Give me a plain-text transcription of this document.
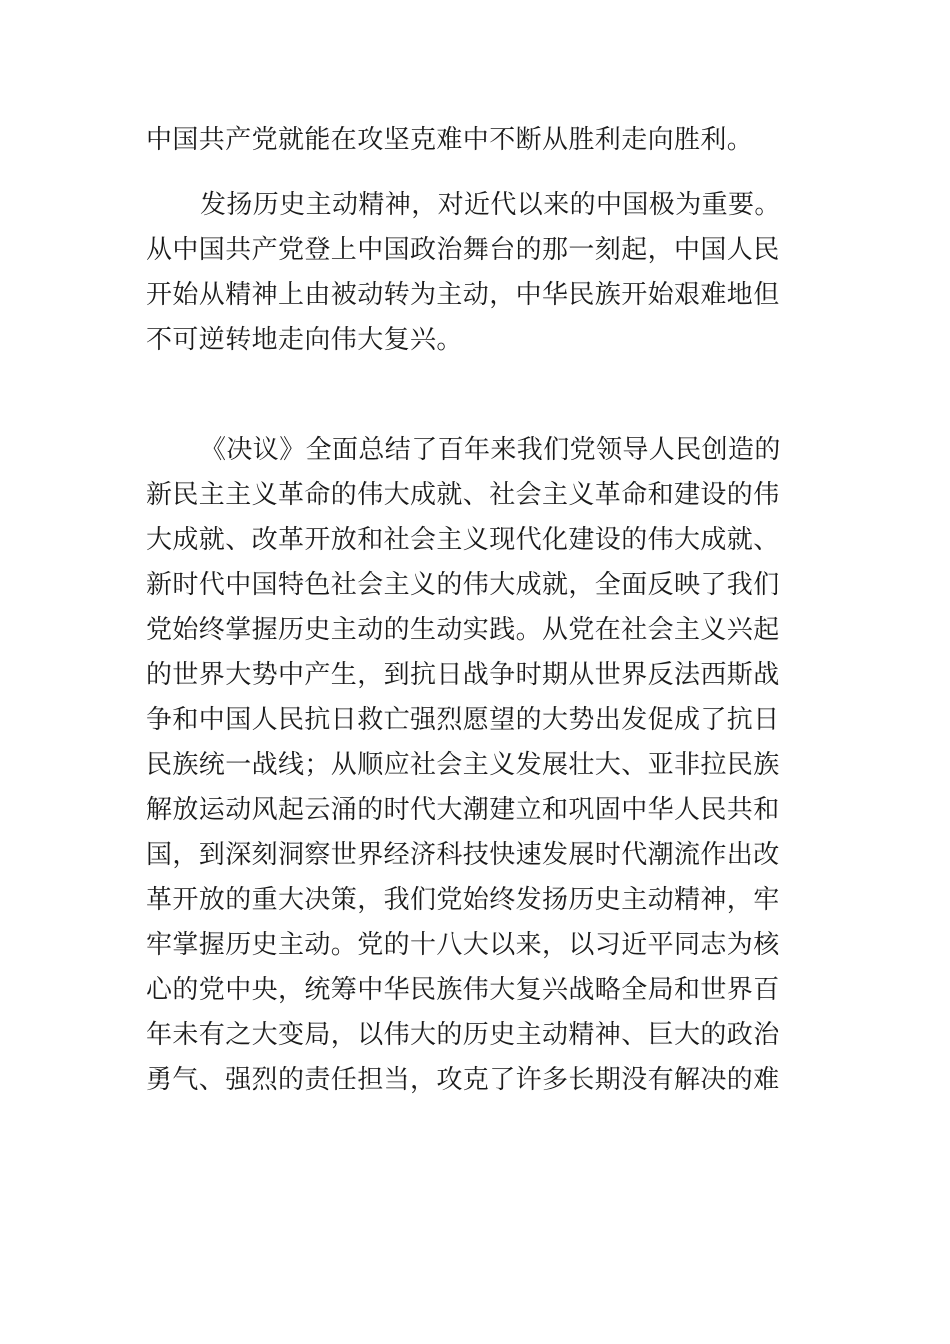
中国共产党就能在攻坚克难中不断从胜利走向胜利。
发扬历史主动精神，对近代以来的中国极为重要。
从中国共产党登上中国政治舞台的那一刻起，中国人民
开始从精神上由被动转为主动，中华民族开始艰难地但
不可逆转地走向伟大复兴。
《决议》全面总结了百年来我们党领导人民创造的
新民主主义革命的伟大成就、社会主义革命和建设的伟
大成就、改革开放和社会主义现代化建设的伟大成就、
新时代中国特色社会主义的伟大成就，全面反映了我们
党始终掌握历史主动的生动实践。从党在社会主义兴起
的世界大势中产生，到抗日战争时期从世界反法西斯战
争和中国人民抗日救亡强烈愿望的大势出发促成了抗日
民族统一战线；从顺应社会主义发展壮大、亚非拉民族
解放运动风起云涌的时代大潮建立和巩固中华人民共和
国，到深刻洞察世界经济科技快速发展时代潮流作出改
革开放的重大决策，我们党始终发扬历史主动精神，牢
牢掌握历史主动。党的十八大以来，以习近平同志为核
心的党中央，统筹中华民族伟大复兴战略全局和世界百
年未有之大变局，以伟大的历史主动精神、巨大的政治
勇气、强烈的责任担当，攻克了许多长期没有解决的难
